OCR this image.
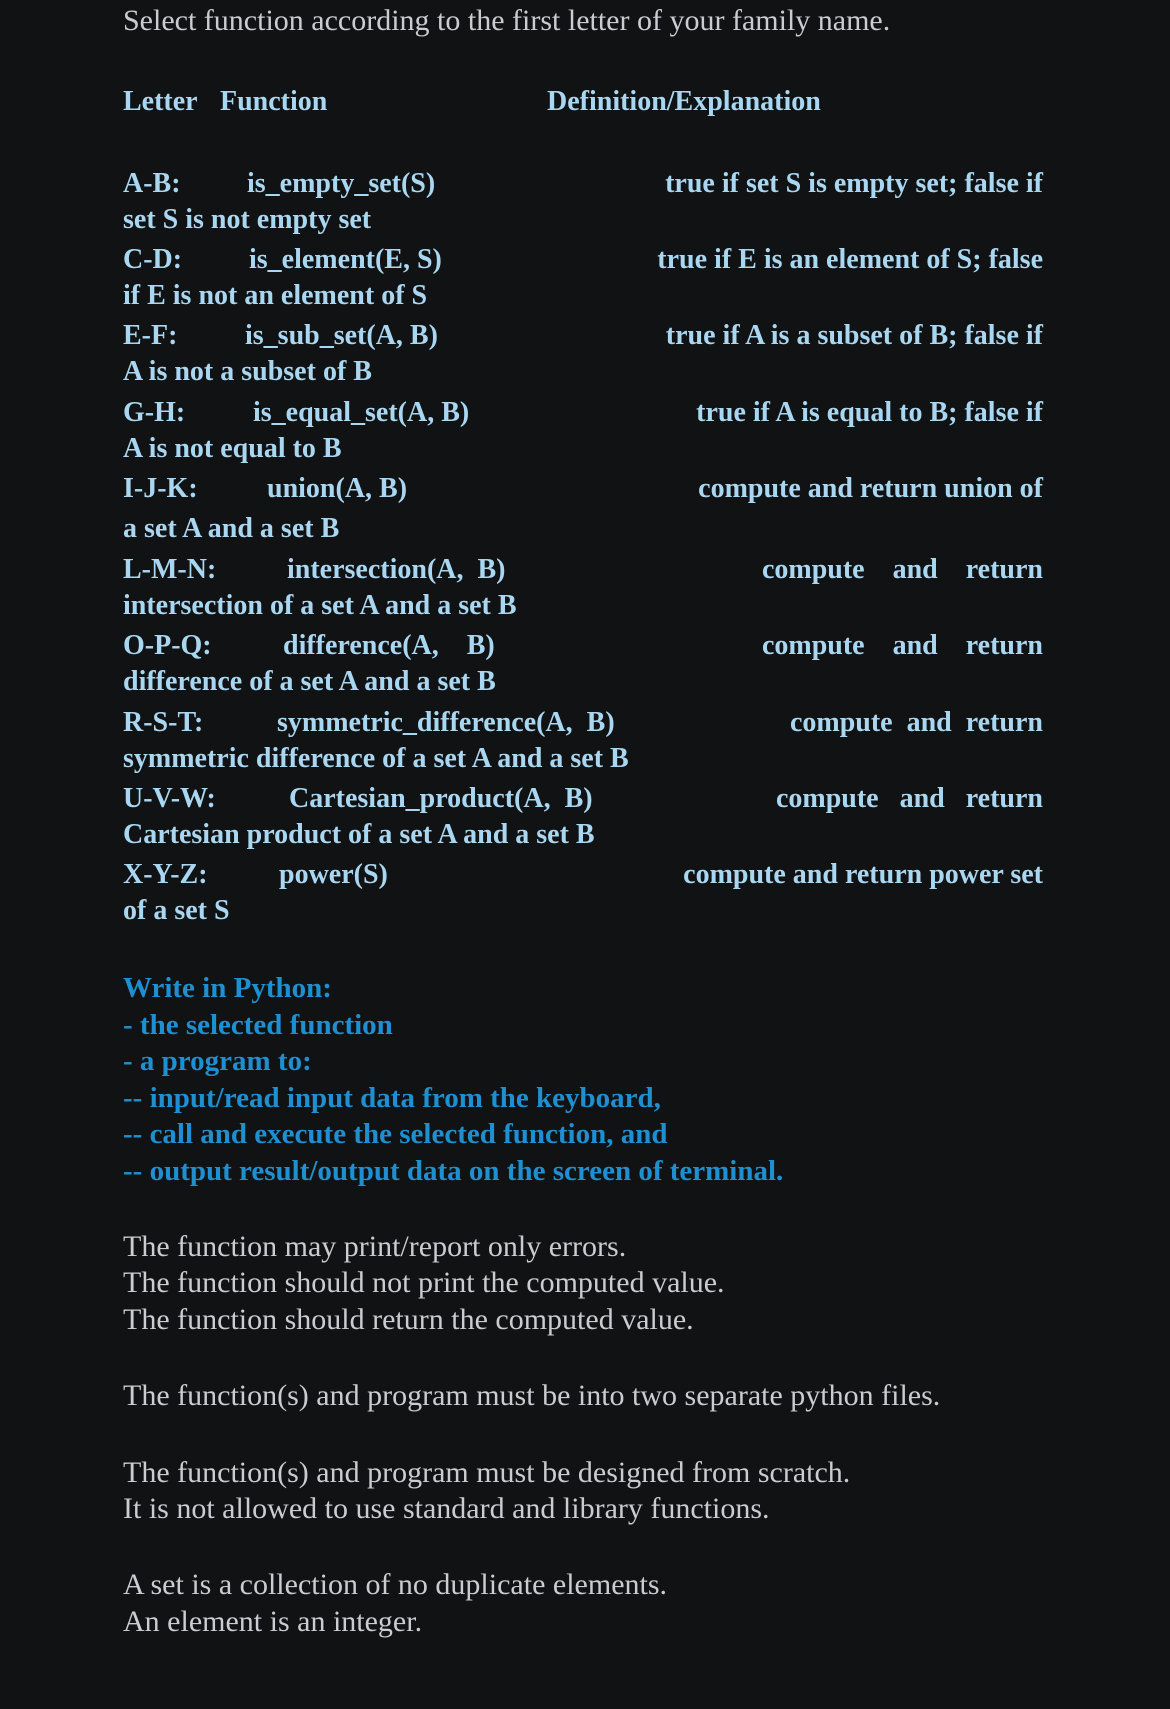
Select function according to the first letter of your family name.
Letter Function	Definition/Explanation
A-B: is_empty_set(S)	true if set S is empty set; false if
set S is not empty set
C-D: is_element(E, S)	true if E is an element of S; false
if E is not an element of S
E-F: is_sub_set(A, B)	true if A is a subset of B; false if
A is not a subset of B
G-H: is_equal_set(A, B)	true if A is equal to B; false if
A is not equal to B
I-J-K: union(A, B)	compute and return union of
a set A and a set B
L-M-N:	intersection(A,  B)	compute    and    return
intersection of a set A and a set B
O-P-Q:	difference(A,    B)	compute    and    return
difference of a set A and a set B
R-S-T:	symmetric_difference(A,  B)	compute  and  return
symmetric difference of a set A and a set B
U-V-W:	Cartesian_product(A,  B)	compute   and   return
Cartesian product of a set A and a set B
X-Y-Z:	power(S)	compute and return power set
of a set S
Write in Python:
- the selected function
- a program to:
-- input/read input data from the keyboard,
-- call and execute the selected function, and
-- output result/output data on the screen of terminal.
The function may print/report only errors.
The function should not print the computed value.
The function should return the computed value.
The function(s) and program must be into two separate python files.
The function(s) and program must be designed from scratch.
It is not allowed to use standard and library functions.
A set is a collection of no duplicate elements.
An element is an integer.
